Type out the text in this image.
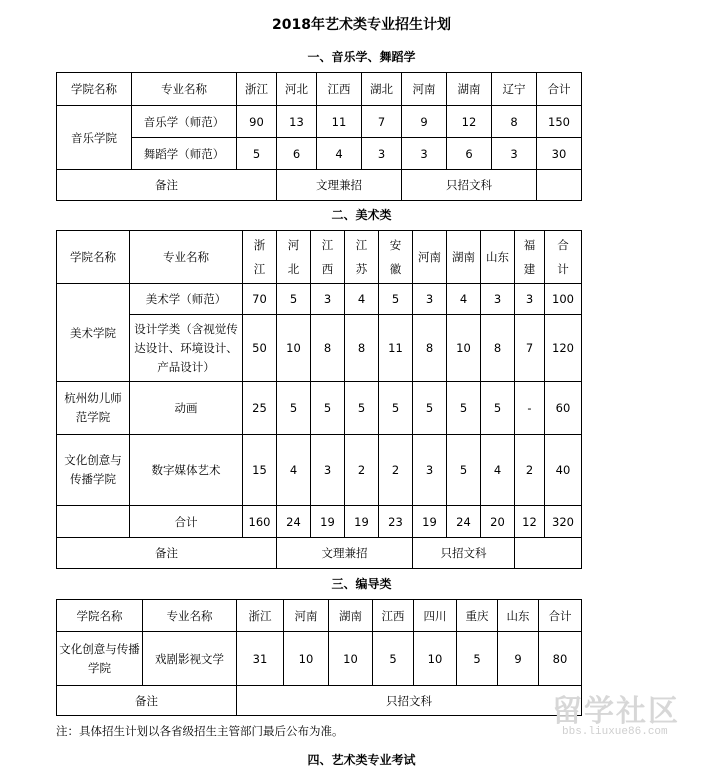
2018年艺术类专业招生计划
一、音乐学、舞蹈学
学院名称	专业名称	浙江	河北	江西	湖北	河南	湖南	辽宁	合计
音乐学院	音乐学（师范）	90	13	11	7	9	12	8	150
	舞蹈学（师范）	5	6	4	3	3	6	3	30
备注			文理兼招			只招文科			
二、美术类
学院名称	专业名称	浙江	河北	江西	江苏	安徽	河南	湖南	山东	福建	合计

美术学院	美术学（师范）	70	5	3	4	5	3	4	3	3	100
	设计学类（含视觉传达设计、环境设计、产品设计）	50	10	8	8	11	8	10	8	7	120
杭州幼儿师范学院	动画	25	5	5	5	5	5	5	5	-	60
文化创意与传播学院	数字媒体艺术	15	4	3	2	2	3	5	4	2	40
	合计	160	24	19	19	23	19	24	20	12	320
备注			文理兼招				只招文科				
三、编导类
学院名称	专业名称	浙江	河南	湖南	江西	四川	重庆	山东	合计
文化创意与传播学院	戏剧影视文学	31	10	10	5	10	5	9	80
备注		只招文科							
注：具体招生计划以各省级招生主管部门最后公布为准。
四、艺术类专业考试
留学社区
bbs.liuxue86.com
